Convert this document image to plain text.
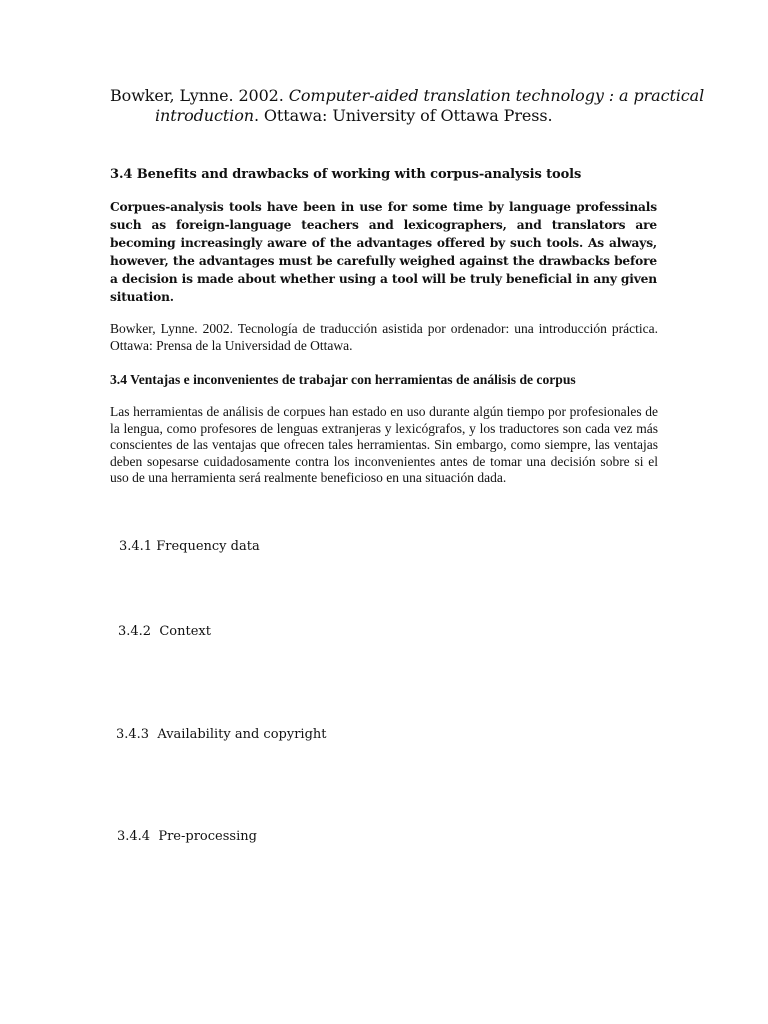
Bowker, Lynne. 2002. Computer-aided translation technology : a practical introduction. Ottawa: University of Ottawa Press.
3.4 Benefits and drawbacks of working with corpus-analysis tools
Corpues-analysis tools have been in use for some time by language professinals such as foreign-language teachers and lexicographers, and translators are becoming increasingly aware of the advantages offered by such tools. As always, however, the advantages must be carefully weighed against the drawbacks before a decision is made about whether using a tool will be truly beneficial in any given situation.
Bowker, Lynne. 2002. Tecnología de traducción asistida por ordenador: una introducción práctica. Ottawa: Prensa de la Universidad de Ottawa.
3.4 Ventajas e inconvenientes de trabajar con herramientas de análisis de corpus
Las herramientas de análisis de corpues han estado en uso durante algún tiempo por profesionales de la lengua, como profesores de lenguas extranjeras y lexicógrafos, y los traductores son cada vez más conscientes de las ventajas que ofrecen tales herramientas. Sin embargo, como siempre, las ventajas deben sopesarse cuidadosamente contra los inconvenientes antes de tomar una decisión sobre si el uso de una herramienta será realmente beneficioso en una situación dada.
3.4.1 Frequency data
3.4.2  Context
3.4.3  Availability and copyright
3.4.4  Pre-processing
